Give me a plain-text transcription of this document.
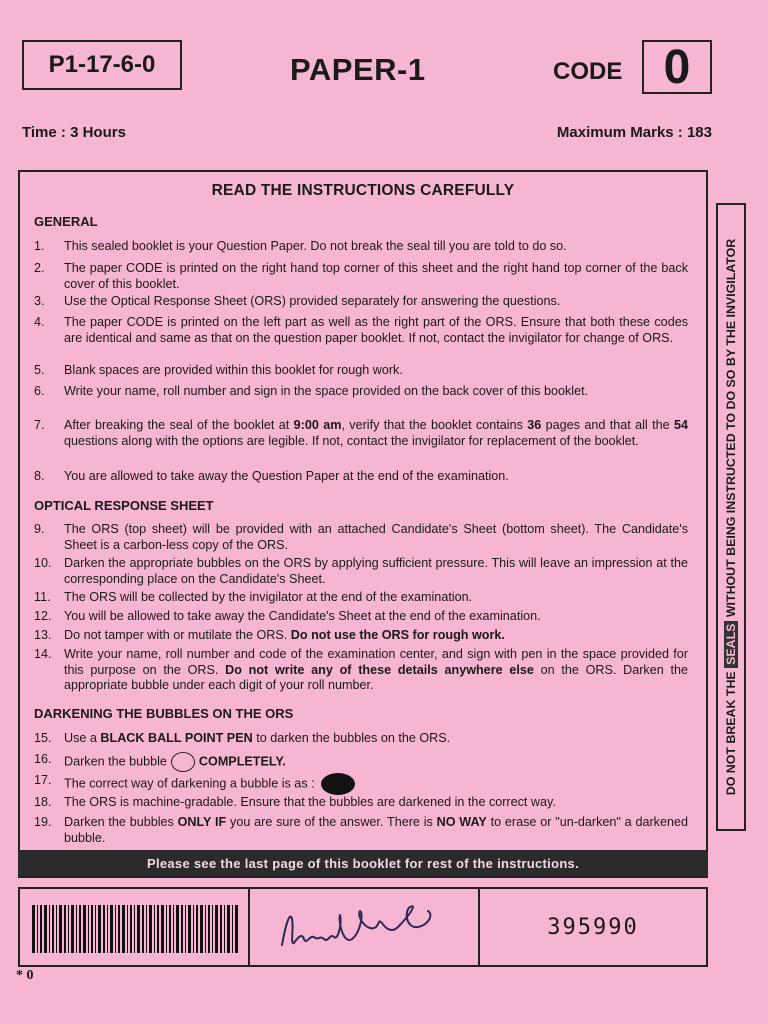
P1-17-6-0	PAPER-1	CODE 0
Time : 3 Hours	Maximum Marks : 183
READ THE INSTRUCTIONS CAREFULLY
GENERAL
1.	This sealed booklet is your Question Paper. Do not break the seal till you are told to do so.
2.	The paper CODE is printed on the right hand top corner of this sheet and the right hand top corner of the back cover of this booklet.
3.	Use the Optical Response Sheet (ORS) provided separately for answering the questions.
4.	The paper CODE is printed on the left part as well as the right part of the ORS. Ensure that both these codes are identical and same as that on the question paper booklet. If not, contact the invigilator for change of ORS.
5.	Blank spaces are provided within this booklet for rough work.
6.	Write your name, roll number and sign in the space provided on the back cover of this booklet.
7.	After breaking the seal of the booklet at 9:00 am, verify that the booklet contains 36 pages and that all the 54 questions along with the options are legible. If not, contact the invigilator for replacement of the booklet.
8.	You are allowed to take away the Question Paper at the end of the examination.
OPTICAL RESPONSE SHEET
9.	The ORS (top sheet) will be provided with an attached Candidate's Sheet (bottom sheet). The Candidate's Sheet is a carbon-less copy of the ORS.
10. Darken the appropriate bubbles on the ORS by applying sufficient pressure. This will leave an impression at the corresponding place on the Candidate's Sheet.
11.	The ORS will be collected by the invigilator at the end of the examination.
12. You will be allowed to take away the Candidate's Sheet at the end of the examination.
13. Do not tamper with or mutilate the ORS. Do not use the ORS for rough work.
14. Write your name, roll number and code of the examination center, and sign with pen in the space provided for this purpose on the ORS. Do not write any of these details anywhere else on the ORS. Darken the appropriate bubble under each digit of your roll number.
DARKENING THE BUBBLES ON THE ORS
15. Use a BLACK BALL POINT PEN to darken the bubbles on the ORS.
16. Darken the bubble	COMPLETELY.
17. The correct way of darkening a bubble is as :
18. The ORS is machine-gradable. Ensure that the bubbles are darkened in the correct way.
19. Darken the bubbles ONLY IF you are sure of the answer. There is NO WAY to erase or "un-darken" a darkened bubble.
Please see the last page of this booklet for rest of the instructions.
DO NOT BREAK THE SEALS WITHOUT BEING INSTRUCTED TO DO SO BY THE INVIGILATOR
395990
* 0
